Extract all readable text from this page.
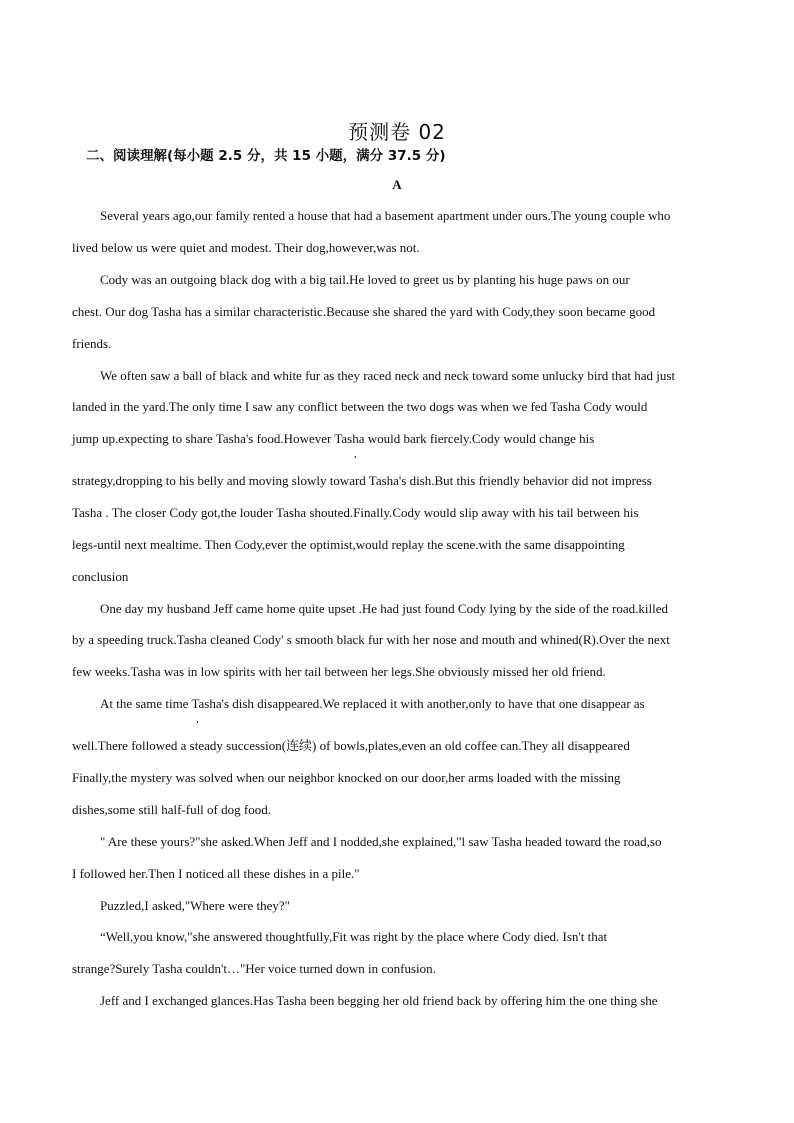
预测卷 02
二、阅读理解(每小题 2.5 分，共 15 小题，满分 37.5 分)
A
Several years ago,our family rented a house that had a basement apartment under ours.The young couple who
lived below us were quiet and modest. Their dog,however,was not.
Cody was an outgoing black dog with a big tail.He loved to greet us by planting his huge paws on our
chest. Our dog Tasha has a similar characteristic.Because she shared the yard with Cody,they soon became good
friends.
We often saw a ball of black and white fur as they raced neck and neck toward some unlucky bird that had just
landed in the yard.The only time I saw any conflict between the two dogs was when we fed Tasha Cody would
jump up.expecting to share Tasha's food.However Tasha would bark fiercely.Cody would change his
,
strategy,dropping to his belly and moving slowly toward Tasha's dish.But this friendly behavior did not impress
Tasha . The closer Cody got,the louder Tasha shouted.Finally.Cody would slip away with his tail between his
legs-until next mealtime. Then Cody,ever the optimist,would replay the scene.with the same disappointing
conclusion
One day my husband Jeff came home quite upset .He had just found Cody lying by the side of the road.killed
by a speeding truck.Tasha cleaned Cody' s smooth black fur with her nose and mouth and whined(R).Over the next
few weeks.Tasha was in low spirits with her tail between her legs.She obviously missed her old friend.
At the same time Tasha's dish disappeared.We replaced it with another,only to have that one disappear as
,
well.There followed a steady succession(连续) of bowls,plates,even an old coffee can.They all disappeared
Finally,the mystery was solved when our neighbor knocked on our door,her arms loaded with the missing
dishes,some still half-full of dog food.
" Are these yours?"she asked.When Jeff and I nodded,she explained,"l saw Tasha headed toward the road,so
I followed her.Then I noticed all these dishes in a pile."
Puzzled,I asked,"Where were they?"
“Well,you know,"she answered thoughtfully,Fit was right by the place where Cody died. Isn't that
strange?Surely Tasha couldn't…"Her voice turned down in confusion.
Jeff and I exchanged glances.Has Tasha been begging her old friend back by offering him the one thing she
